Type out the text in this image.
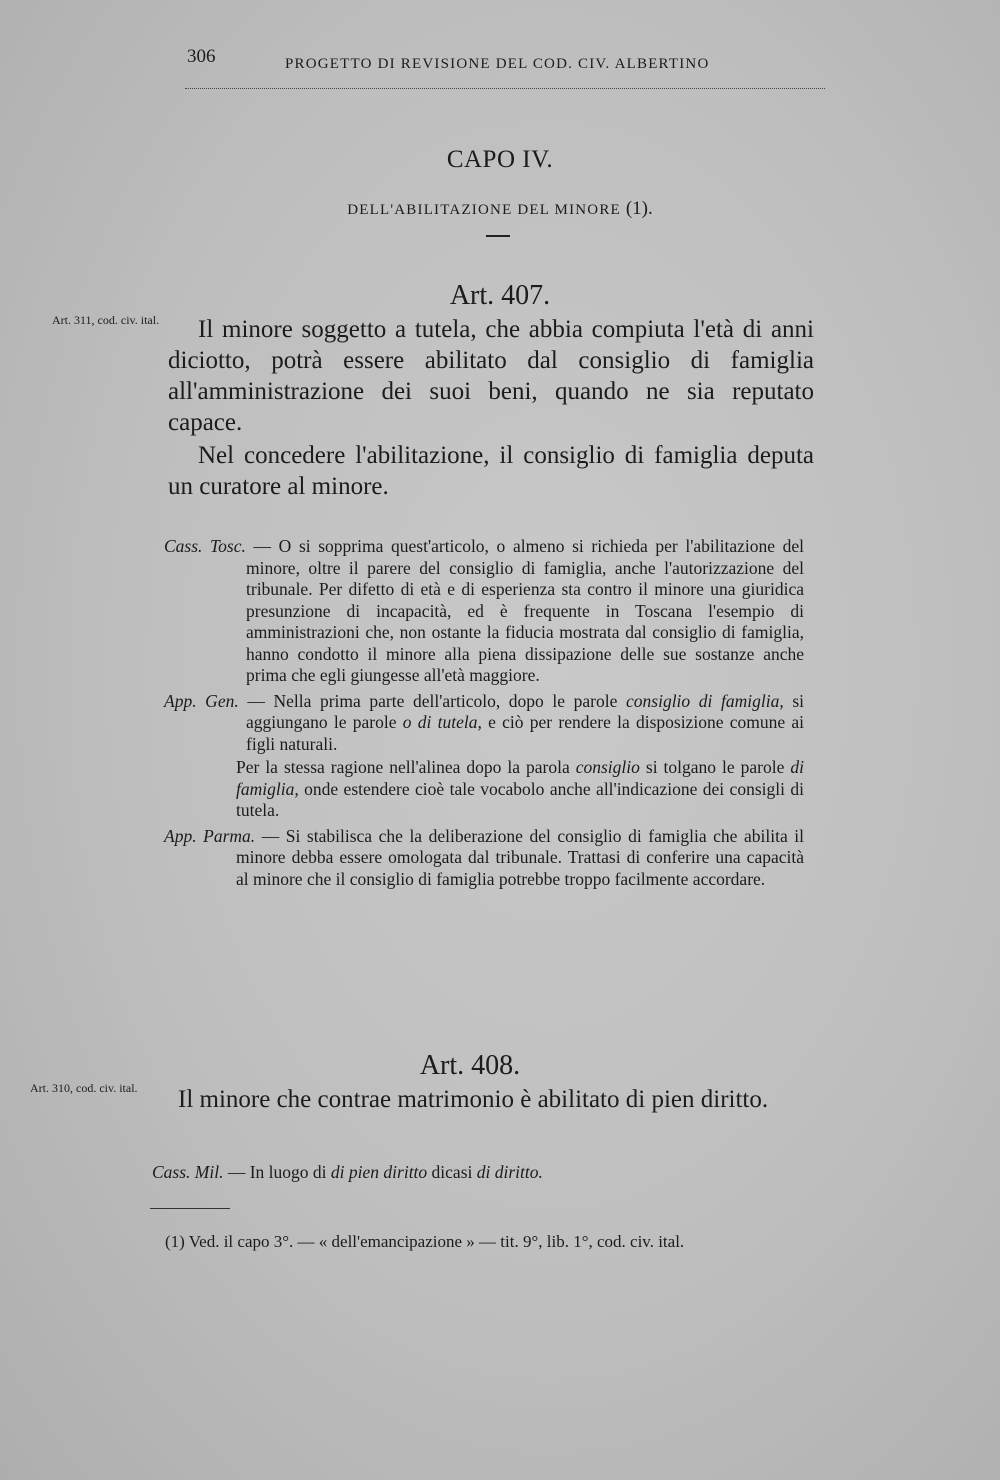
306	PROGETTO DI REVISIONE DEL COD. CIV. ALBERTINO
CAPO IV.
DELL'ABILITAZIONE DEL MINORE (1).
Art. 407.
Art. 311, cod. civ. ital.	Il minore soggetto a tutela, che abbia compiuta l'età di anni diciotto, potrà essere abilitato dal consiglio di famiglia all'amministrazione dei suoi beni, quando ne sia reputato capace.

Nel concedere l'abilitazione, il consiglio di famiglia deputa un curatore al minore.

Cass. Tosc. — O si sopprima quest'articolo, o almeno si richieda per l'abilitazione del minore, oltre il parere del consiglio di famiglia, anche l'autorizzazione del tribunale. Per difetto di età e di esperienza sta contro il minore una giuridica presunzione di incapacità, ed è frequente in Toscana l'esempio di amministrazioni che, non ostante la fiducia mostrata dal consiglio di famiglia, hanno condotto il minore alla piena dissipazione delle sue sostanze anche prima che egli giungesse all'età maggiore.

App. Gen. — Nella prima parte dell'articolo, dopo le parole consiglio di famiglia, si aggiungano le parole o di tutela, e ciò per rendere la disposizione comune ai figli naturali.

Per la stessa ragione nell'alinea dopo la parola consiglio si tolgano le parole di famiglia, onde estendere cioè tale vocabolo anche all'indicazione dei consigli di tutela.

App. Parma. — Si stabilisca che la deliberazione del consiglio di famiglia che abilita il minore debba essere omologata dal tribunale. Trattasi di conferire una capacità al minore che il consiglio di famiglia potrebbe troppo facilmente accordare.

Art. 408.
Art. 310, cod. civ. ital.	Il minore che contrae matrimonio è abilitato di pien diritto.

Cass. Mil. — In luogo di di pien diritto dicasi di diritto.

(1) Ved. il capo 3°. — « dell'emancipazione » — tit. 9°, lib. 1°, cod. civ. ital.
